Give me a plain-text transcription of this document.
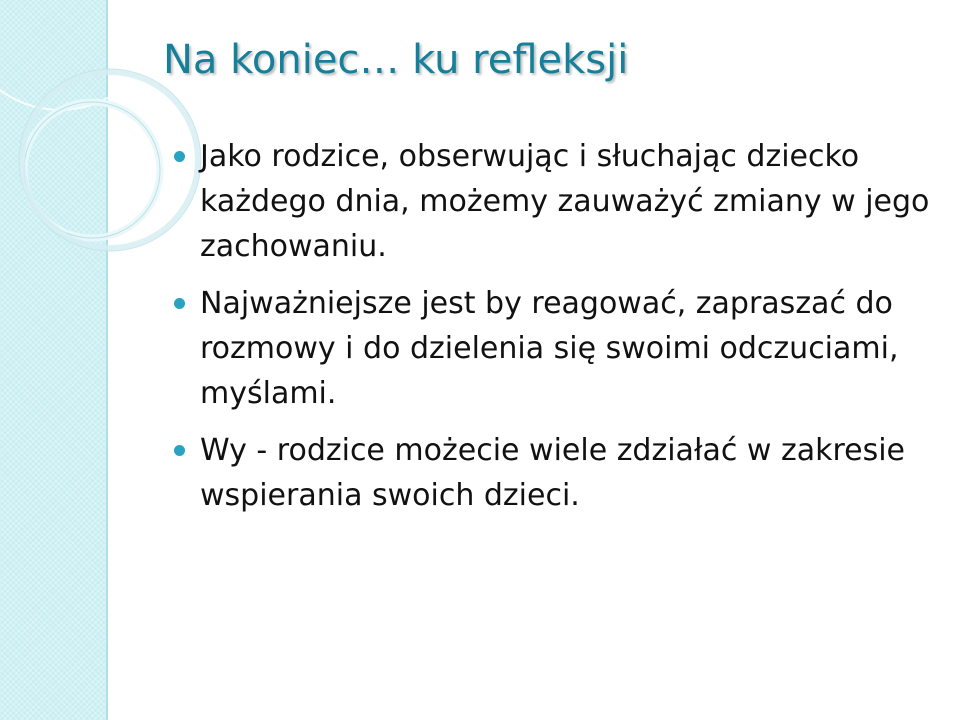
Na koniec… ku refleksji
Jako rodzice, obserwując i słuchając dziecko każdego dnia, możemy zauważyć zmiany w jego zachowaniu.
Najważniejsze jest by reagować, zapraszać do rozmowy i do dzielenia się swoimi odczuciami, myślami.
Wy - rodzice możecie wiele zdziałać w zakresie wspierania swoich dzieci.
